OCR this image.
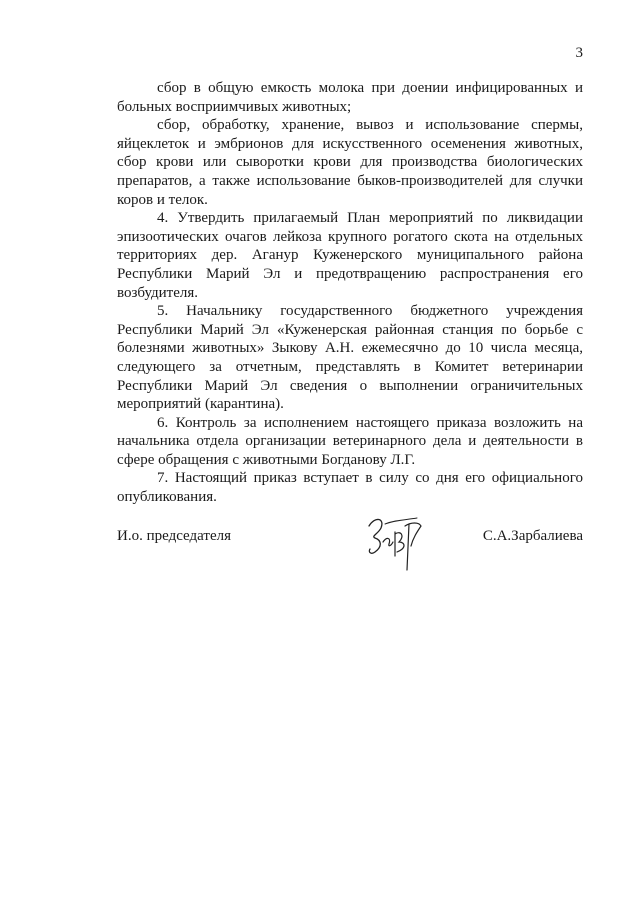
3

сбор в общую емкость молока при доении инфицированных и больных восприимчивых животных;

сбор, обработку, хранение, вывоз и использование спермы, яйцеклеток и эмбрионов для искусственного осеменения животных, сбор крови или сыворотки крови для производства биологических препаратов, а также использование быков-производителей для случки коров и телок.

4. Утвердить прилагаемый План мероприятий по ликвидации эпизоотических очагов лейкоза крупного рогатого скота на отдельных территориях дер. Аганур Куженерского муниципального района Республики Марий Эл и предотвращению распространения его возбудителя.

5. Начальнику государственного бюджетного учреждения Республики Марий Эл «Куженерская районная станция по борьбе с болезнями животных» Зыкову А.Н. ежемесячно до 10 числа месяца, следующего за отчетным, представлять в Комитет ветеринарии Республики Марий Эл сведения о выполнении ограничительных мероприятий (карантина).

6. Контроль за исполнением настоящего приказа возложить на начальника отдела организации ветеринарного дела и деятельности в сфере обращения с животными Богданову Л.Г.

7. Настоящий приказ вступает в силу со дня его официального опубликования.

И.о. председателя	С.А.Зарбалиева
